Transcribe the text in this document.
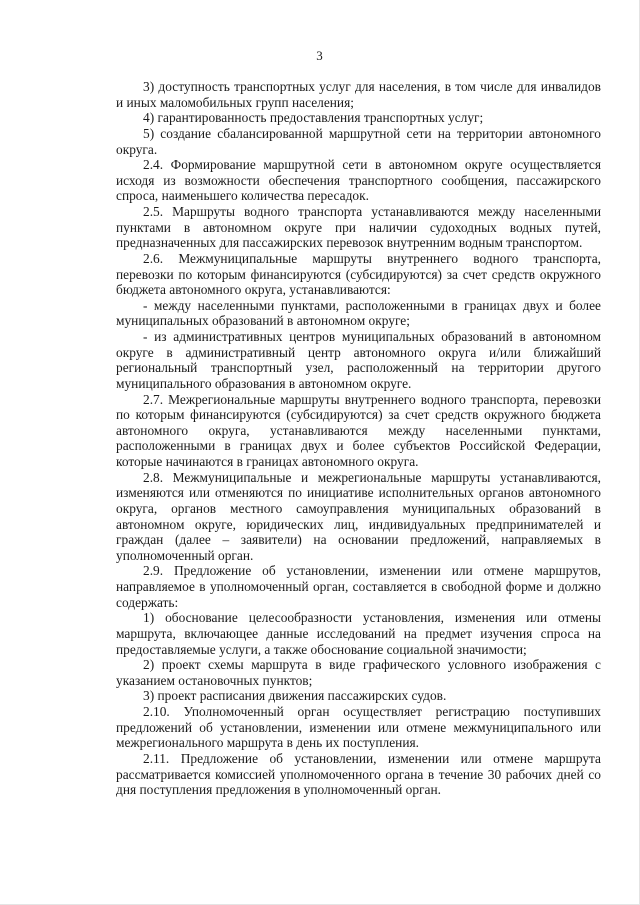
3

3) доступность транспортных услуг для населения, в том числе для инвалидов и иных маломобильных групп населения;

4) гарантированность предоставления транспортных услуг;

5) создание сбалансированной маршрутной сети на территории автономного округа.

2.4. Формирование маршрутной сети в автономном округе осуществляется исходя из возможности обеспечения транспортного сообщения, пассажирского спроса, наименьшего количества пересадок.

2.5. Маршруты водного транспорта устанавливаются между населенными пунктами в автономном округе при наличии судоходных водных путей, предназначенных для пассажирских перевозок внутренним водным транспортом.

2.6. Межмуниципальные маршруты внутреннего водного транспорта, перевозки по которым финансируются (субсидируются) за счет средств окружного бюджета автономного округа, устанавливаются:

- между населенными пунктами, расположенными в границах двух и более муниципальных образований в автономном округе;

- из административных центров муниципальных образований в автономном округе в административный центр автономного округа и/или ближайший региональный транспортный узел, расположенный на территории другого муниципального образования в автономном округе.

2.7. Межрегиональные маршруты внутреннего водного транспорта, перевозки по которым финансируются (субсидируются) за счет средств окружного бюджета автономного округа, устанавливаются между населенными пунктами, расположенными в границах двух и более субъектов Российской Федерации, которые начинаются в границах автономного округа.

2.8. Межмуниципальные и межрегиональные маршруты устанавливаются, изменяются или отменяются по инициативе исполнительных органов автономного округа, органов местного самоуправления муниципальных образований в автономном округе, юридических лиц, индивидуальных предпринимателей и граждан (далее – заявители) на основании предложений, направляемых в уполномоченный орган.

2.9. Предложение об установлении, изменении или отмене маршрутов, направляемое в уполномоченный орган, составляется в свободной форме и должно содержать:

1) обоснование целесообразности установления, изменения или отмены маршрута, включающее данные исследований на предмет изучения спроса на предоставляемые услуги, а также обоснование социальной значимости;

2) проект схемы маршрута в виде графического условного изображения с указанием остановочных пунктов;

3) проект расписания движения пассажирских судов.

2.10. Уполномоченный орган осуществляет регистрацию поступивших предложений об установлении, изменении или отмене межмуниципального или межрегионального маршрута в день их поступления.

2.11. Предложение об установлении, изменении или отмене маршрута рассматривается комиссией уполномоченного органа в течение 30 рабочих дней со дня поступления предложения в уполномоченный орган.
